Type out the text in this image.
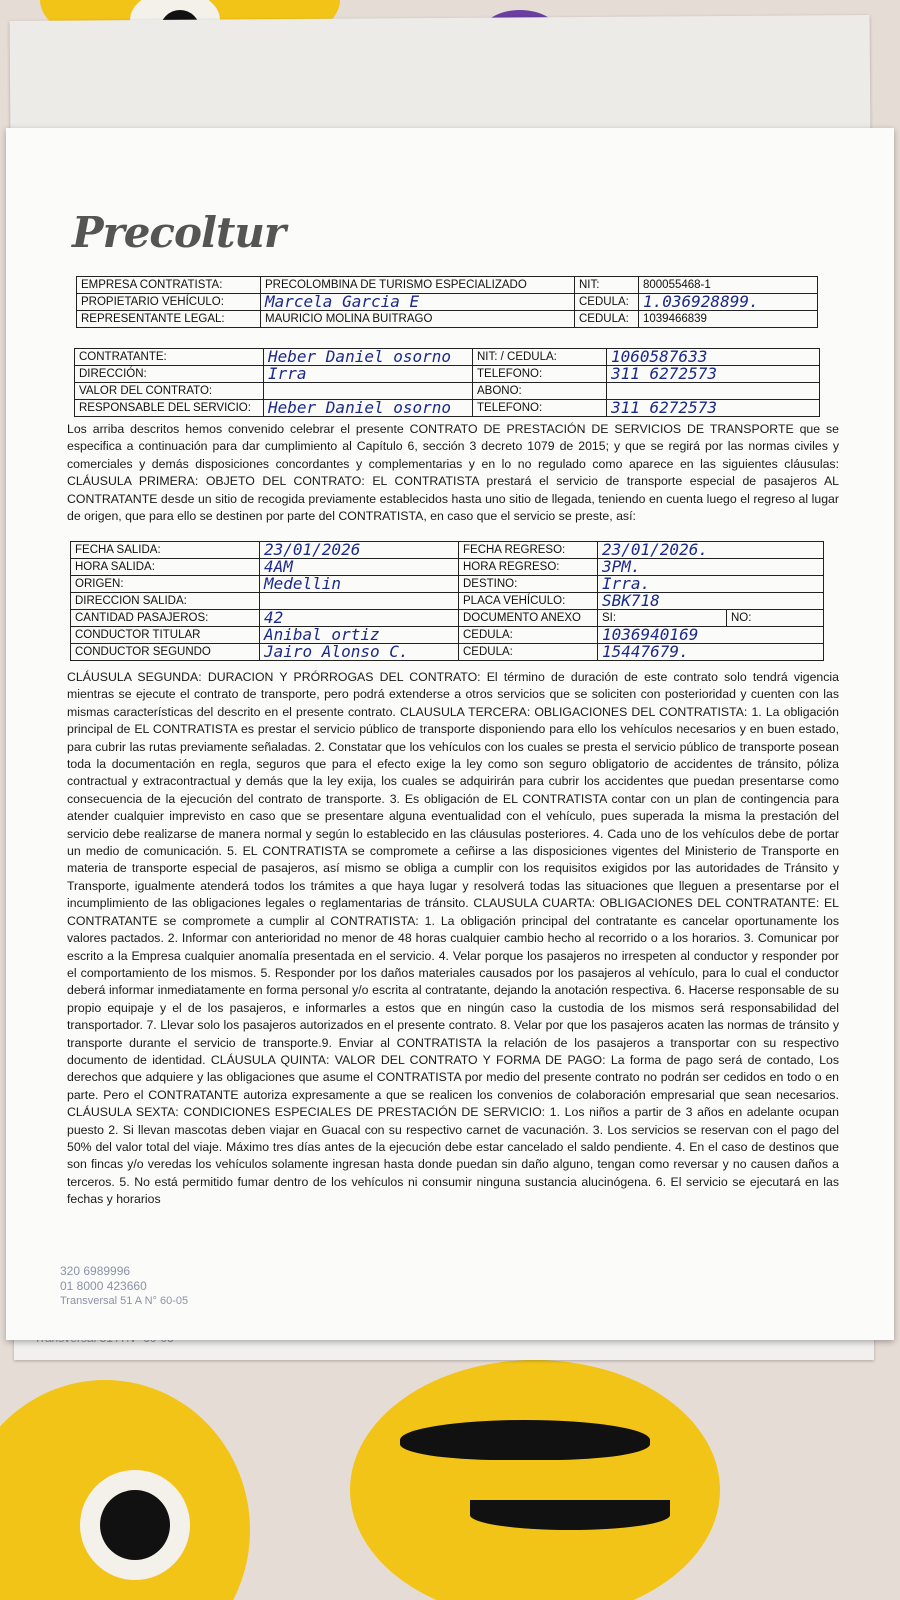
Precoltur
EMPRESA CONTRATISTA:	PRECOLOMBINA DE TURISMO ESPECIALIZADO	NIT:	800055468-1
PROPIETARIO VEHÍCULO:	Marcela Garcia E	CEDULA:	1.036928899.
REPRESENTANTE LEGAL:	MAURICIO MOLINA BUITRAGO	CEDULA:	1039466839
CONTRATANTE:	Heber Daniel osorno	NIT: / CEDULA:	1060587633
DIRECCIÓN:	Irra	TELEFONO:	311 6272573
VALOR DEL CONTRATO:		ABONO:	
RESPONSABLE DEL SERVICIO:	Heber Daniel osorno	TELEFONO:	311 6272573
Los arriba descritos hemos convenido celebrar el presente CONTRATO DE PRESTACIÓN DE SERVICIOS DE TRANSPORTE que se especifica a continuación para dar cumplimiento al Capítulo 6, sección 3 decreto 1079 de 2015; y que se regirá por las normas civiles y comerciales y demás disposiciones concordantes y complementarias y en lo no regulado como aparece en las siguientes cláusulas: CLÁUSULA PRIMERA: OBJETO DEL CONTRATO: EL CONTRATISTA prestará el servicio de transporte especial de pasajeros AL CONTRATANTE desde un sitio de recogida previamente establecidos hasta uno sitio de llegada, teniendo en cuenta luego el regreso al lugar de origen, que para ello se destinen por parte del CONTRATISTA, en caso que el servicio se preste, así:
FECHA SALIDA:	23/01/2026	FECHA REGRESO:	23/01/2026.	
HORA SALIDA:	4AM	HORA REGRESO:	3PM.	
ORIGEN:	Medellin	DESTINO:	Irra.	
DIRECCION SALIDA:		PLACA VEHÍCULO:	SBK718	
CANTIDAD PASAJEROS:	42	DOCUMENTO ANEXO	SI:	NO:
CONDUCTOR TITULAR	Anibal ortiz	CEDULA:	1036940169	
CONDUCTOR SEGUNDO	Jairo Alonso C.	CEDULA:	15447679.	
CLÁUSULA SEGUNDA: DURACION Y PRÓRROGAS DEL CONTRATO: El término de duración de este contrato solo tendrá vigencia mientras se ejecute el contrato de transporte, pero podrá extenderse a otros servicios que se soliciten con posterioridad y cuenten con las mismas características del descrito en el presente contrato. CLAUSULA TERCERA: OBLIGACIONES DEL CONTRATISTA: 1. La obligación principal de EL CONTRATISTA es prestar el servicio público de transporte disponiendo para ello los vehículos necesarios y en buen estado, para cubrir las rutas previamente señaladas. 2. Constatar que los vehículos con los cuales se presta el servicio público de transporte posean toda la documentación en regla, seguros que para el efecto exige la ley como son seguro obligatorio de accidentes de tránsito, póliza contractual y extracontractual y demás que la ley exija, los cuales se adquirirán para cubrir los accidentes que puedan presentarse como consecuencia de la ejecución del contrato de transporte. 3. Es obligación de EL CONTRATISTA contar con un plan de contingencia para atender cualquier imprevisto en caso que se presentare alguna eventualidad con el vehículo, pues superada la misma la prestación del servicio debe realizarse de manera normal y según lo establecido en las cláusulas posteriores. 4. Cada uno de los vehículos debe de portar un medio de comunicación. 5. EL CONTRATISTA se compromete a ceñirse a las disposiciones vigentes del Ministerio de Transporte en materia de transporte especial de pasajeros, así mismo se obliga a cumplir con los requisitos exigidos por las autoridades de Tránsito y Transporte, igualmente atenderá todos los trámites a que haya lugar y resolverá todas las situaciones que lleguen a presentarse por el incumplimiento de las obligaciones legales o reglamentarias de tránsito. CLAUSULA CUARTA: OBLIGACIONES DEL CONTRATANTE: EL CONTRATANTE se compromete a cumplir al CONTRATISTA: 1. La obligación principal del contratante es cancelar oportunamente los valores pactados. 2. Informar con anterioridad no menor de 48 horas cualquier cambio hecho al recorrido o a los horarios. 3. Comunicar por escrito a la Empresa cualquier anomalía presentada en el servicio. 4. Velar porque los pasajeros no irrespeten al conductor y responder por el comportamiento de los mismos. 5. Responder por los daños materiales causados por los pasajeros al vehículo, para lo cual el conductor deberá informar inmediatamente en forma personal y/o escrita al contratante, dejando la anotación respectiva. 6. Hacerse responsable de su propio equipaje y el de los pasajeros, e informarles a estos que en ningún caso la custodia de los mismos será responsabilidad del transportador. 7. Llevar solo los pasajeros autorizados en el presente contrato. 8. Velar por que los pasajeros acaten las normas de tránsito y transporte durante el servicio de transporte.9. Enviar al CONTRATISTA la relación de los pasajeros a transportar con su respectivo documento de identidad. CLÁUSULA QUINTA: VALOR DEL CONTRATO Y FORMA DE PAGO: La forma de pago será de contado, Los derechos que adquiere y las obligaciones que asume el CONTRATISTA por medio del presente contrato no podrán ser cedidos en todo o en parte. Pero el CONTRATANTE autoriza expresamente a que se realicen los convenios de colaboración empresarial que sean necesarios. CLÁUSULA SEXTA: CONDICIONES ESPECIALES DE PRESTACIÓN DE SERVICIO: 1. Los niños a partir de 3 años en adelante ocupan puesto 2. Si llevan mascotas deben viajar en Guacal con su respectivo carnet de vacunación. 3. Los servicios se reservan con el pago del 50% del valor total del viaje. Máximo tres días antes de la ejecución debe estar cancelado el saldo pendiente. 4. En el caso de destinos que son fincas y/o veredas los vehículos solamente ingresan hasta donde puedan sin daño alguno, tengan como reversar y no causen daños a terceros. 5. No está permitido fumar dentro de los vehículos ni consumir ninguna sustancia alucinógena. 6. El servicio se ejecutará en las fechas y horarios
320 6989996
01 8000 423660
Transversal 51 A N° 60-05
